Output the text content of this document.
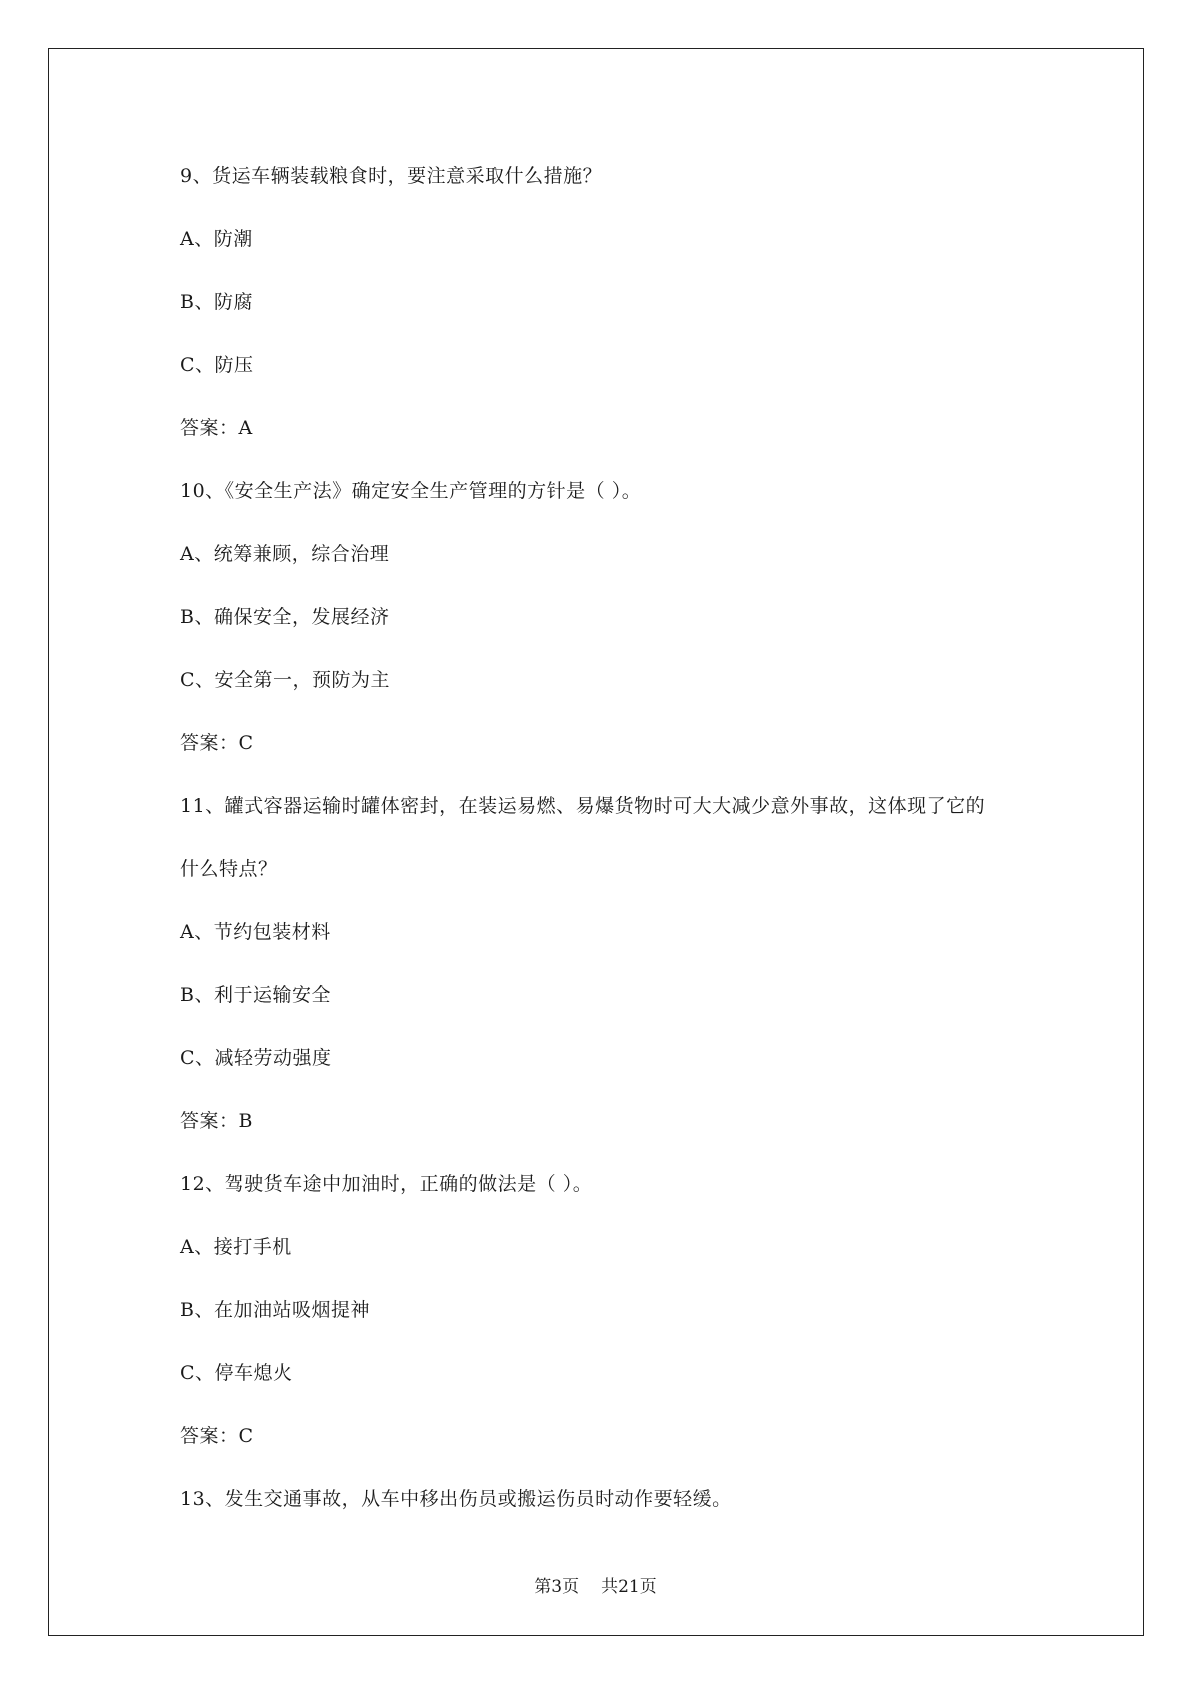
9、货运车辆装载粮食时，要注意采取什么措施？
A、防潮
B、防腐
C、防压
答案：A
10、《安全生产法》确定安全生产管理的方针是（ ）。
A、统筹兼顾，综合治理
B、确保安全，发展经济
C、安全第一，预防为主
答案：C
11、罐式容器运输时罐体密封，在装运易燃、易爆货物时可大大减少意外事故，这体现了它的
什么特点？
A、节约包装材料
B、利于运输安全
C、减轻劳动强度
答案：B
12、驾驶货车途中加油时，正确的做法是（ ）。
A、接打手机
B、在加油站吸烟提神
C、停车熄火
答案：C
13、发生交通事故，从车中移出伤员或搬运伤员时动作要轻缓。
第3页 共21页
